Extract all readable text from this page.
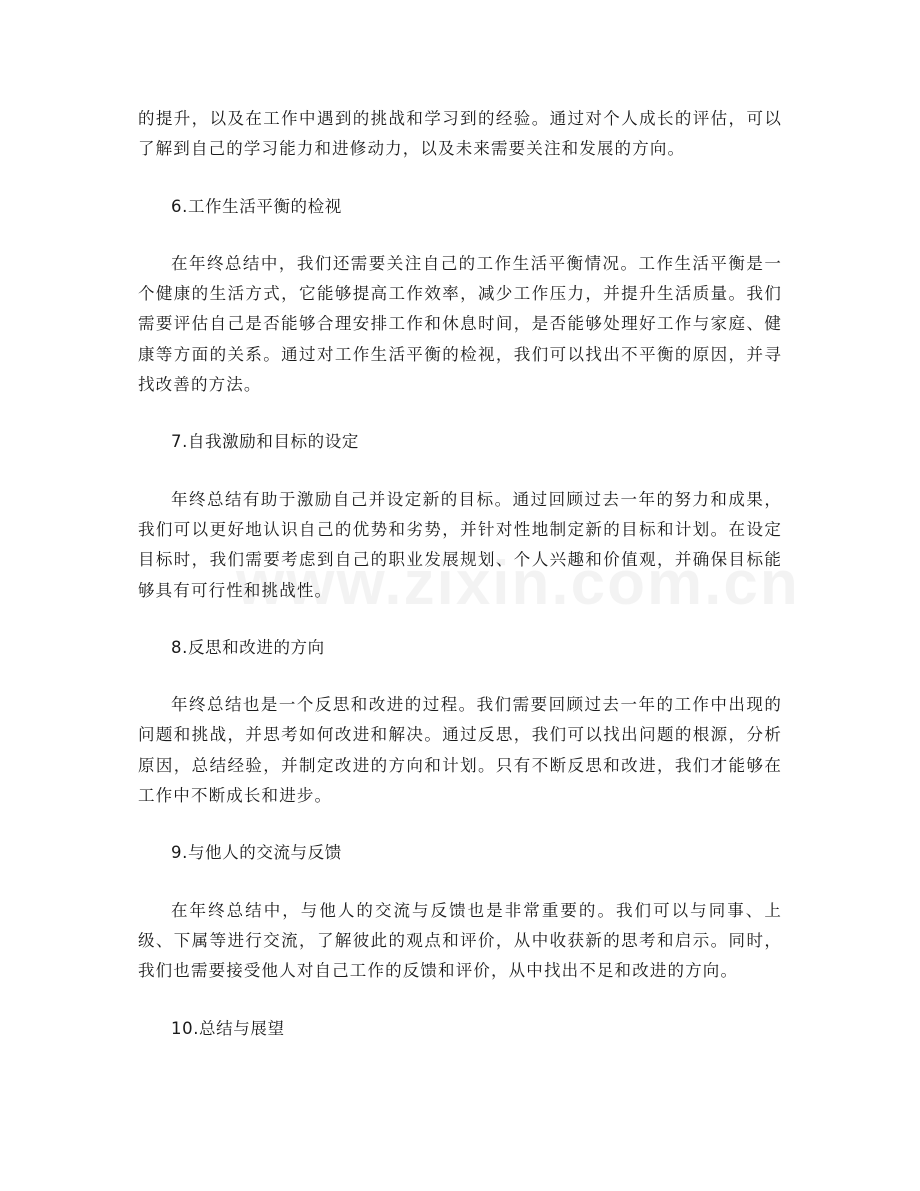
的提升，以及在工作中遇到的挑战和学习到的经验。通过对个人成长的评估，可以了解到自己的学习能力和进修动力，以及未来需要关注和发展的方向。

6.工作生活平衡的检视

在年终总结中，我们还需要关注自己的工作生活平衡情况。工作生活平衡是一个健康的生活方式，它能够提高工作效率，减少工作压力，并提升生活质量。我们需要评估自己是否能够合理安排工作和休息时间，是否能够处理好工作与家庭、健康等方面的关系。通过对工作生活平衡的检视，我们可以找出不平衡的原因，并寻找改善的方法。

7.自我激励和目标的设定

年终总结有助于激励自己并设定新的目标。通过回顾过去一年的努力和成果，我们可以更好地认识自己的优势和劣势，并针对性地制定新的目标和计划。在设定目标时，我们需要考虑到自己的职业发展规划、个人兴趣和价值观，并确保目标能够具有可行性和挑战性。

8.反思和改进的方向

年终总结也是一个反思和改进的过程。我们需要回顾过去一年的工作中出现的问题和挑战，并思考如何改进和解决。通过反思，我们可以找出问题的根源，分析原因，总结经验，并制定改进的方向和计划。只有不断反思和改进，我们才能够在工作中不断成长和进步。

9.与他人的交流与反馈

在年终总结中，与他人的交流与反馈也是非常重要的。我们可以与同事、上级、下属等进行交流，了解彼此的观点和评价，从中收获新的思考和启示。同时，我们也需要接受他人对自己工作的反馈和评价，从中找出不足和改进的方向。

10.总结与展望
